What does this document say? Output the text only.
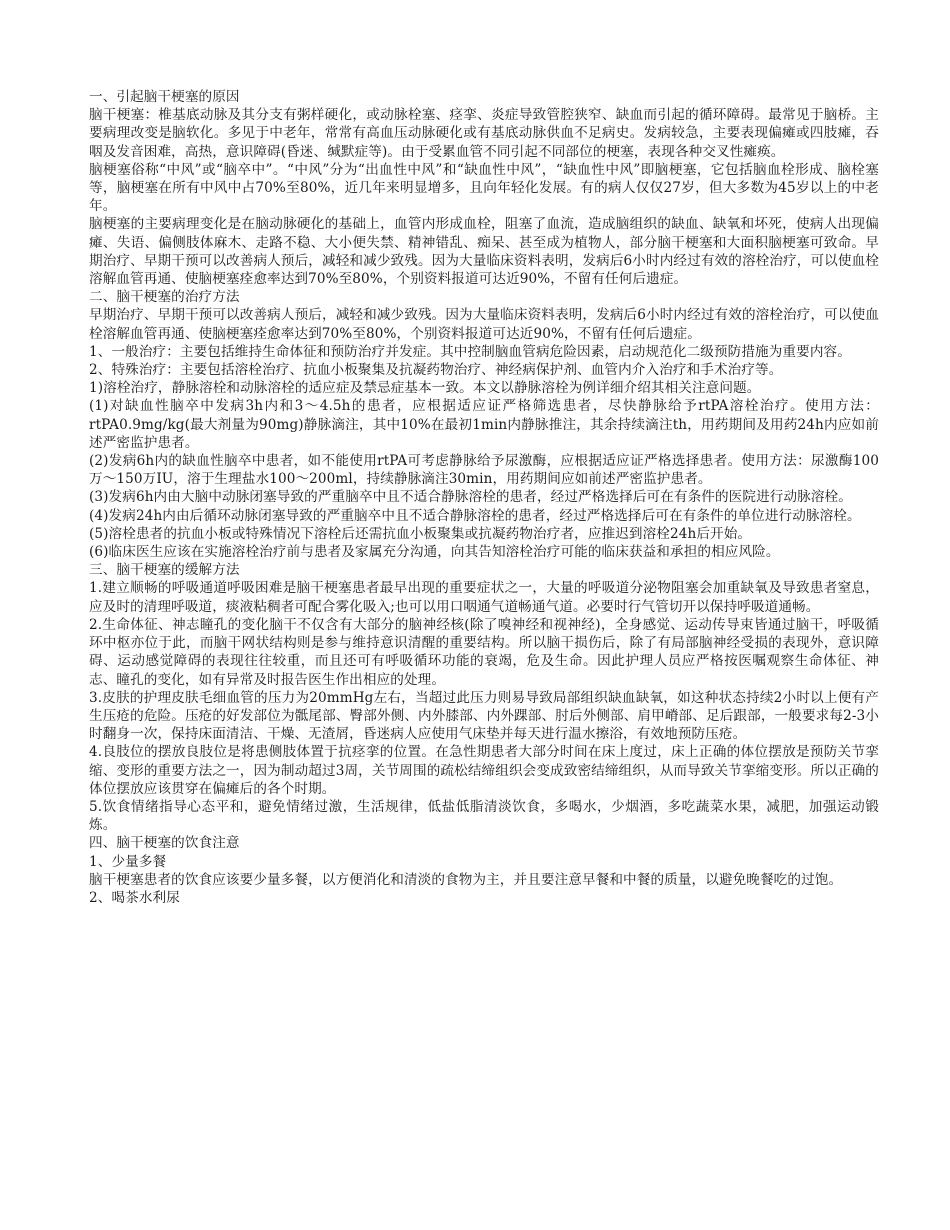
一、引起脑干梗塞的原因

脑干梗塞：椎基底动脉及其分支有粥样硬化，或动脉栓塞、痉挛、炎症导致管腔狭窄、缺血而引起的循环障碍。最常见于脑桥。主要病理改变是脑软化。多见于中老年，常常有高血压动脉硬化或有基底动脉供血不足病史。发病较急，主要表现偏瘫或四肢瘫，吞咽及发音困难，高热，意识障碍(昏迷、缄默症等)。由于受累血管不同引起不同部位的梗塞，表现各种交叉性瘫痪。

脑梗塞俗称“中风”或“脑卒中”。“中风”分为“出血性中风”和“缺血性中风”，“缺血性中风”即脑梗塞，它包括脑血栓形成、脑栓塞等，脑梗塞在所有中风中占70%至80%，近几年来明显增多，且向年轻化发展。有的病人仅仅27岁，但大多数为45岁以上的中老年。

脑梗塞的主要病理变化是在脑动脉硬化的基础上，血管内形成血栓，阻塞了血流，造成脑组织的缺血、缺氧和坏死，使病人出现偏瘫、失语、偏侧肢体麻木、走路不稳、大小便失禁、精神错乱、痴呆、甚至成为植物人，部分脑干梗塞和大面积脑梗塞可致命。早期治疗、早期干预可以改善病人预后，减轻和减少致残。因为大量临床资料表明，发病后6小时内经过有效的溶栓治疗，可以使血栓溶解血管再通、使脑梗塞痊愈率达到70%至80%，个别资料报道可达近90%，不留有任何后遗症。

二、脑干梗塞的治疗方法

早期治疗、早期干预可以改善病人预后，减轻和减少致残。因为大量临床资料表明，发病后6小时内经过有效的溶栓治疗，可以使血栓溶解血管再通、使脑梗塞痊愈率达到70%至80%，个别资料报道可达近90%，不留有任何后遗症。

1、一般治疗：主要包括维持生命体征和预防治疗并发症。其中控制脑血管病危险因素，启动规范化二级预防措施为重要内容。

2、特殊治疗：主要包括溶栓治疗、抗血小板聚集及抗凝药物治疗、神经病保护剂、血管内介入治疗和手术治疗等。

1)溶栓治疗，静脉溶栓和动脉溶栓的适应症及禁忌症基本一致。本文以静脉溶栓为例详细介绍其相关注意问题。

(1)对缺血性脑卒中发病3h内和3～4.5h的患者，应根据适应证严格筛选患者，尽快静脉给予rtPA溶栓治疗。使用方法：rtPA0.9mg/kg(最大剂量为90mg)静脉滴注，其中10%在最初1min内静脉推注，其余持续滴注th，用药期间及用药24h内应如前述严密监护患者。

(2)发病6h内的缺血性脑卒中患者，如不能使用rtPA可考虑静脉给予尿激酶，应根据适应证严格选择患者。使用方法：尿激酶100万～150万IU，溶于生理盐水100～200ml，持续静脉滴注30min，用药期间应如前述严密监护患者。

(3)发病6h内由大脑中动脉闭塞导致的严重脑卒中且不适合静脉溶栓的患者，经过严格选择后可在有条件的医院进行动脉溶栓。

(4)发病24h内由后循环动脉闭塞导致的严重脑卒中且不适合静脉溶栓的患者，经过严格选择后可在有条件的单位进行动脉溶栓。

(5)溶栓患者的抗血小板或特殊情况下溶栓后还需抗血小板聚集或抗凝药物治疗者，应推迟到溶栓24h后开始。

(6)临床医生应该在实施溶栓治疗前与患者及家属充分沟通，向其告知溶栓治疗可能的临床获益和承担的相应风险。

三、脑干梗塞的缓解方法

1.建立顺畅的呼吸通道呼吸困难是脑干梗塞患者最早出现的重要症状之一，大量的呼吸道分泌物阻塞会加重缺氧及导致患者窒息，应及时的清理呼吸道，痰液粘稠者可配合雾化吸入;也可以用口咽通气道畅通气道。必要时行气管切开以保持呼吸道通畅。

2.生命体征、神志瞳孔的变化脑干不仅含有大部分的脑神经核(除了嗅神经和视神经)，全身感觉、运动传导束皆通过脑干，呼吸循环中枢亦位于此，而脑干网状结构则是参与维持意识清醒的重要结构。所以脑干损伤后，除了有局部脑神经受损的表现外，意识障碍、运动感觉障碍的表现往往较重，而且还可有呼吸循环功能的衰竭，危及生命。因此护理人员应严格按医嘱观察生命体征、神志、瞳孔的变化，如有异常及时报告医生作出相应的处理。

3.皮肤的护理皮肤毛细血管的压力为20mmHg左右，当超过此压力则易导致局部组织缺血缺氧，如这种状态持续2小时以上便有产生压疮的危险。压疮的好发部位为骶尾部、臀部外侧、内外膝部、内外踝部、肘后外侧部、肩甲嵴部、足后跟部，一般要求每2-3小时翻身一次，保持床面清洁、干燥、无渣屑，昏迷病人应使用气床垫并每天进行温水擦浴，有效地预防压疮。

4.良肢位的摆放良肢位是将患侧肢体置于抗痉挛的位置。在急性期患者大部分时间在床上度过，床上正确的体位摆放是预防关节挛缩、变形的重要方法之一，因为制动超过3周，关节周围的疏松结缔组织会变成致密结缔组织，从而导致关节挛缩变形。所以正确的体位摆放应该贯穿在偏瘫后的各个时期。

5.饮食情绪指导心态平和，避免情绪过激，生活规律，低盐低脂清淡饮食，多喝水，少烟酒，多吃蔬菜水果，减肥，加强运动锻炼。

四、脑干梗塞的饮食注意

1、少量多餐

脑干梗塞患者的饮食应该要少量多餐，以方便消化和清淡的食物为主，并且要注意早餐和中餐的质量，以避免晚餐吃的过饱。

2、喝茶水利尿
